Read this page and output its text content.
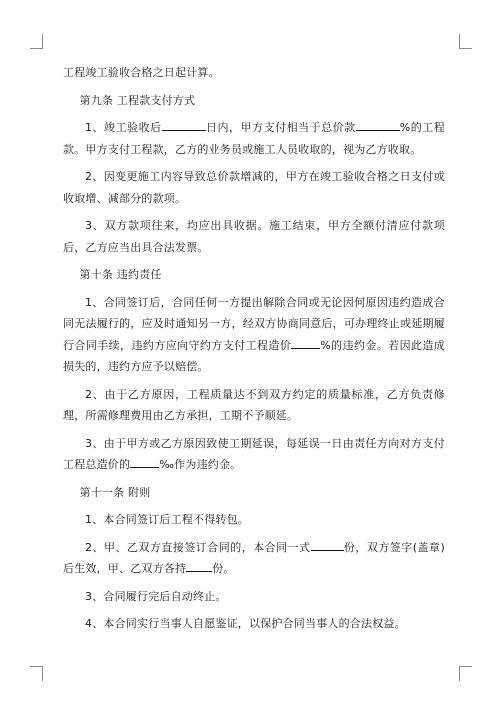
工程竣工验收合格之日起计算。

第九条 工程款支付方式

1、竣工验收后	日内，甲方支付相当于总价款	%的工程款。甲方支付工程款，乙方的业务员或施工人员收取的，视为乙方收取。

2、因变更施工内容导致总价款增减的，甲方在竣工验收合格之日支付或收取增、减部分的款项。

3、双方款项往来，均应出具收据。施工结束，甲方全额付清应付款项后，乙方应当出具合法发票。

第十条 违约责任

1、合同签订后，合同任何一方提出解除合同或无论因何原因违约造成合同无法履行的，应及时通知另一方，经双方协商同意后，可办理终止或延期履行合同手续，违约方应向守约方支付工程造价	%的违约金。若因此造成损失的，违约方应予以赔偿。

2、由于乙方原因，工程质量达不到双方约定的质量标准，乙方负责修理，所需修理费用由乙方承担，工期不予顺延。

3、由于甲方或乙方原因致使工期延误，每延误一日由责任方向对方支付工程总造价的	‰作为违约金。

第十一条 附则

1、本合同签订后工程不得转包。

2、甲、乙双方直接签订合同的，本合同一式	份，双方签字(盖章)后生效，甲、乙双方各持 份。

3、合同履行完后自动终止。

4、本合同实行当事人自愿鉴证，以保护合同当事人的合法权益。
